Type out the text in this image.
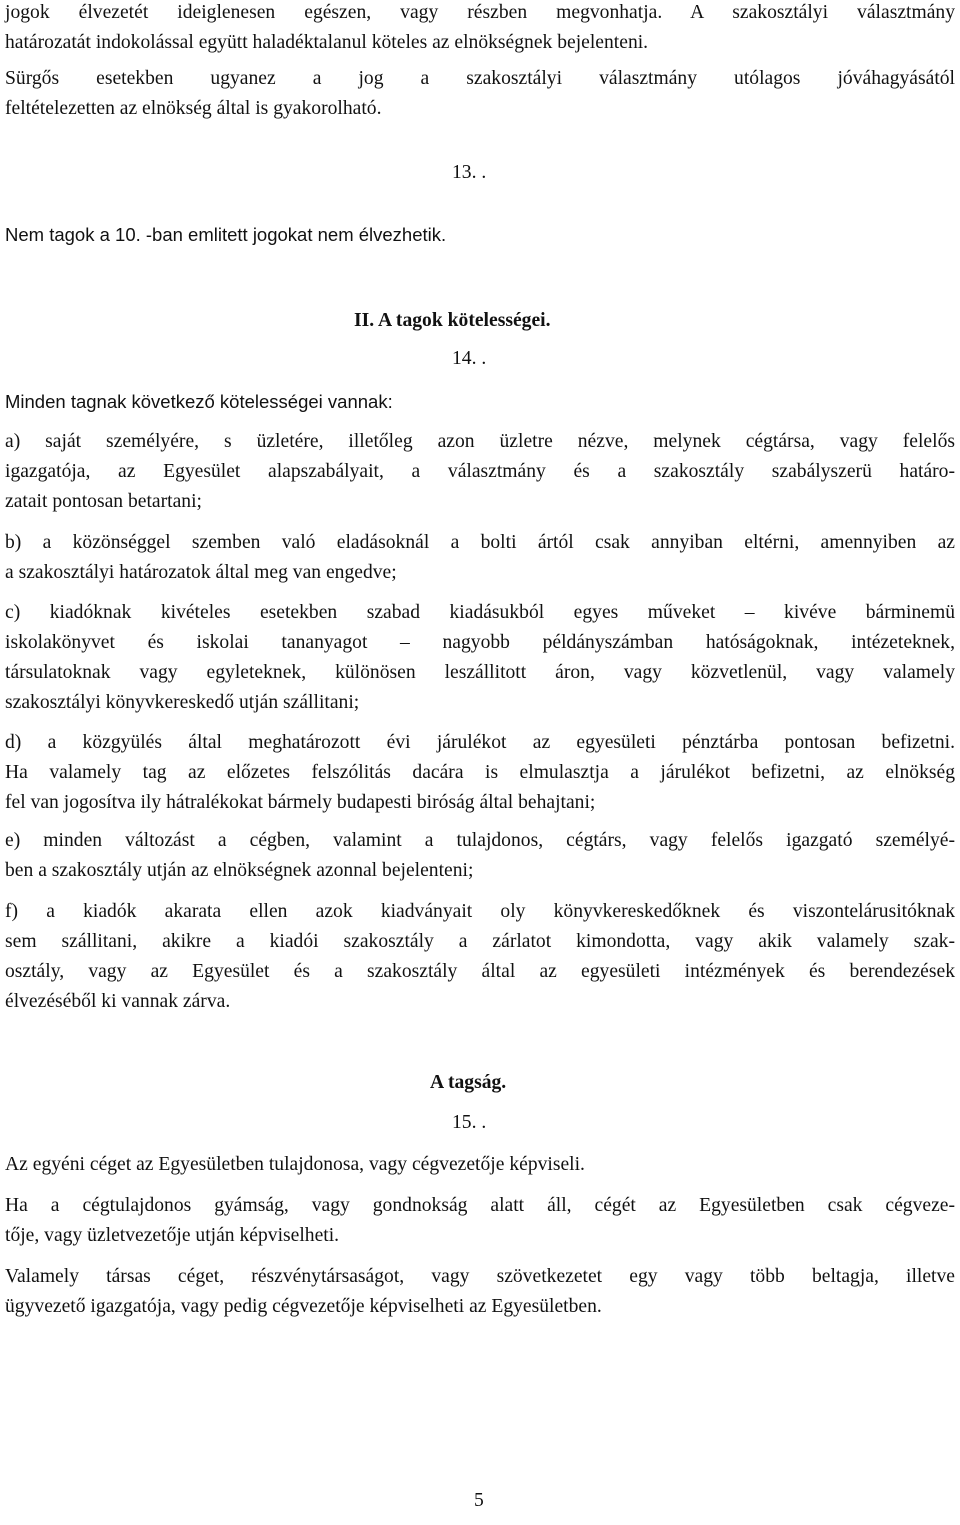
jogok élvezetét ideiglenesen egészen, vagy részben megvonhatja. A szakosztályi választmány
határozatát indokolással együtt haladéktalanul köteles az elnökségnek bejelenteni.
Sürgős esetekben ugyanez a jog a szakosztályi választmány utólagos jóváhagyásától
feltételezetten az elnökség által is gyakorolható.

13. .

Nem tagok a 10. -ban emlitett jogokat nem élvezhetik.

II. A tagok kötelességei.

14. .

Minden tagnak következő kötelességei vannak:

a) saját személyére, s üzletére, illetőleg azon üzletre nézve, melynek cégtársa, vagy felelős
igazgatója, az Egyesület alapszabályait, a választmány és a szakosztály szabályszerü határo-
zatait pontosan betartani;
b) a közönséggel szemben való eladásoknál a bolti ártól csak annyiban eltérni, amennyiben az
a szakosztályi határozatok által meg van engedve;
c) kiadóknak kivételes esetekben szabad kiadásukból egyes műveket – kivéve bárminemü
iskolakönyvet és iskolai tananyagot – nagyobb példányszámban hatóságoknak, intézeteknek,
társulatoknak vagy egyleteknek, különösen leszállitott áron, vagy közvetlenül, vagy valamely
szakosztályi könyvkereskedő utján szállitani;
d) a közgyülés által meghatározott évi járulékot az egyesületi pénztárba pontosan befizetni.
Ha valamely tag az előzetes felszólitás dacára is elmulasztja a járulékot befizetni, az elnökség
fel van jogosítva ily hátralékokat bármely budapesti biróság által behajtani;
e) minden változást a cégben, valamint a tulajdonos, cégtárs, vagy felelős igazgató személyé-
ben a szakosztály utján az elnökségnek azonnal bejelenteni;
f) a kiadók akarata ellen azok kiadványait oly könyvkereskedőknek és viszontelárusitóknak
sem szállitani, akikre a kiadói szakosztály a zárlatot kimondotta, vagy akik valamely szak-
osztály, vagy az Egyesület és a szakosztály által az egyesületi intézmények és berendezések
élvezéséből ki vannak zárva.

A tagság.

15. .

Az egyéni céget az Egyesületben tulajdonosa, vagy cégvezetője képviseli.

Ha a cégtulajdonos gyámság, vagy gondnokság alatt áll, cégét az Egyesületben csak cégveze-
tője, vagy üzletvezetője utján képviselheti.
Valamely társas céget, részvénytársaságot, vagy szövetkezetet egy vagy több beltagja, illetve
ügyvezető igazgatója, vagy pedig cégvezetője képviselheti az Egyesületben.

5
